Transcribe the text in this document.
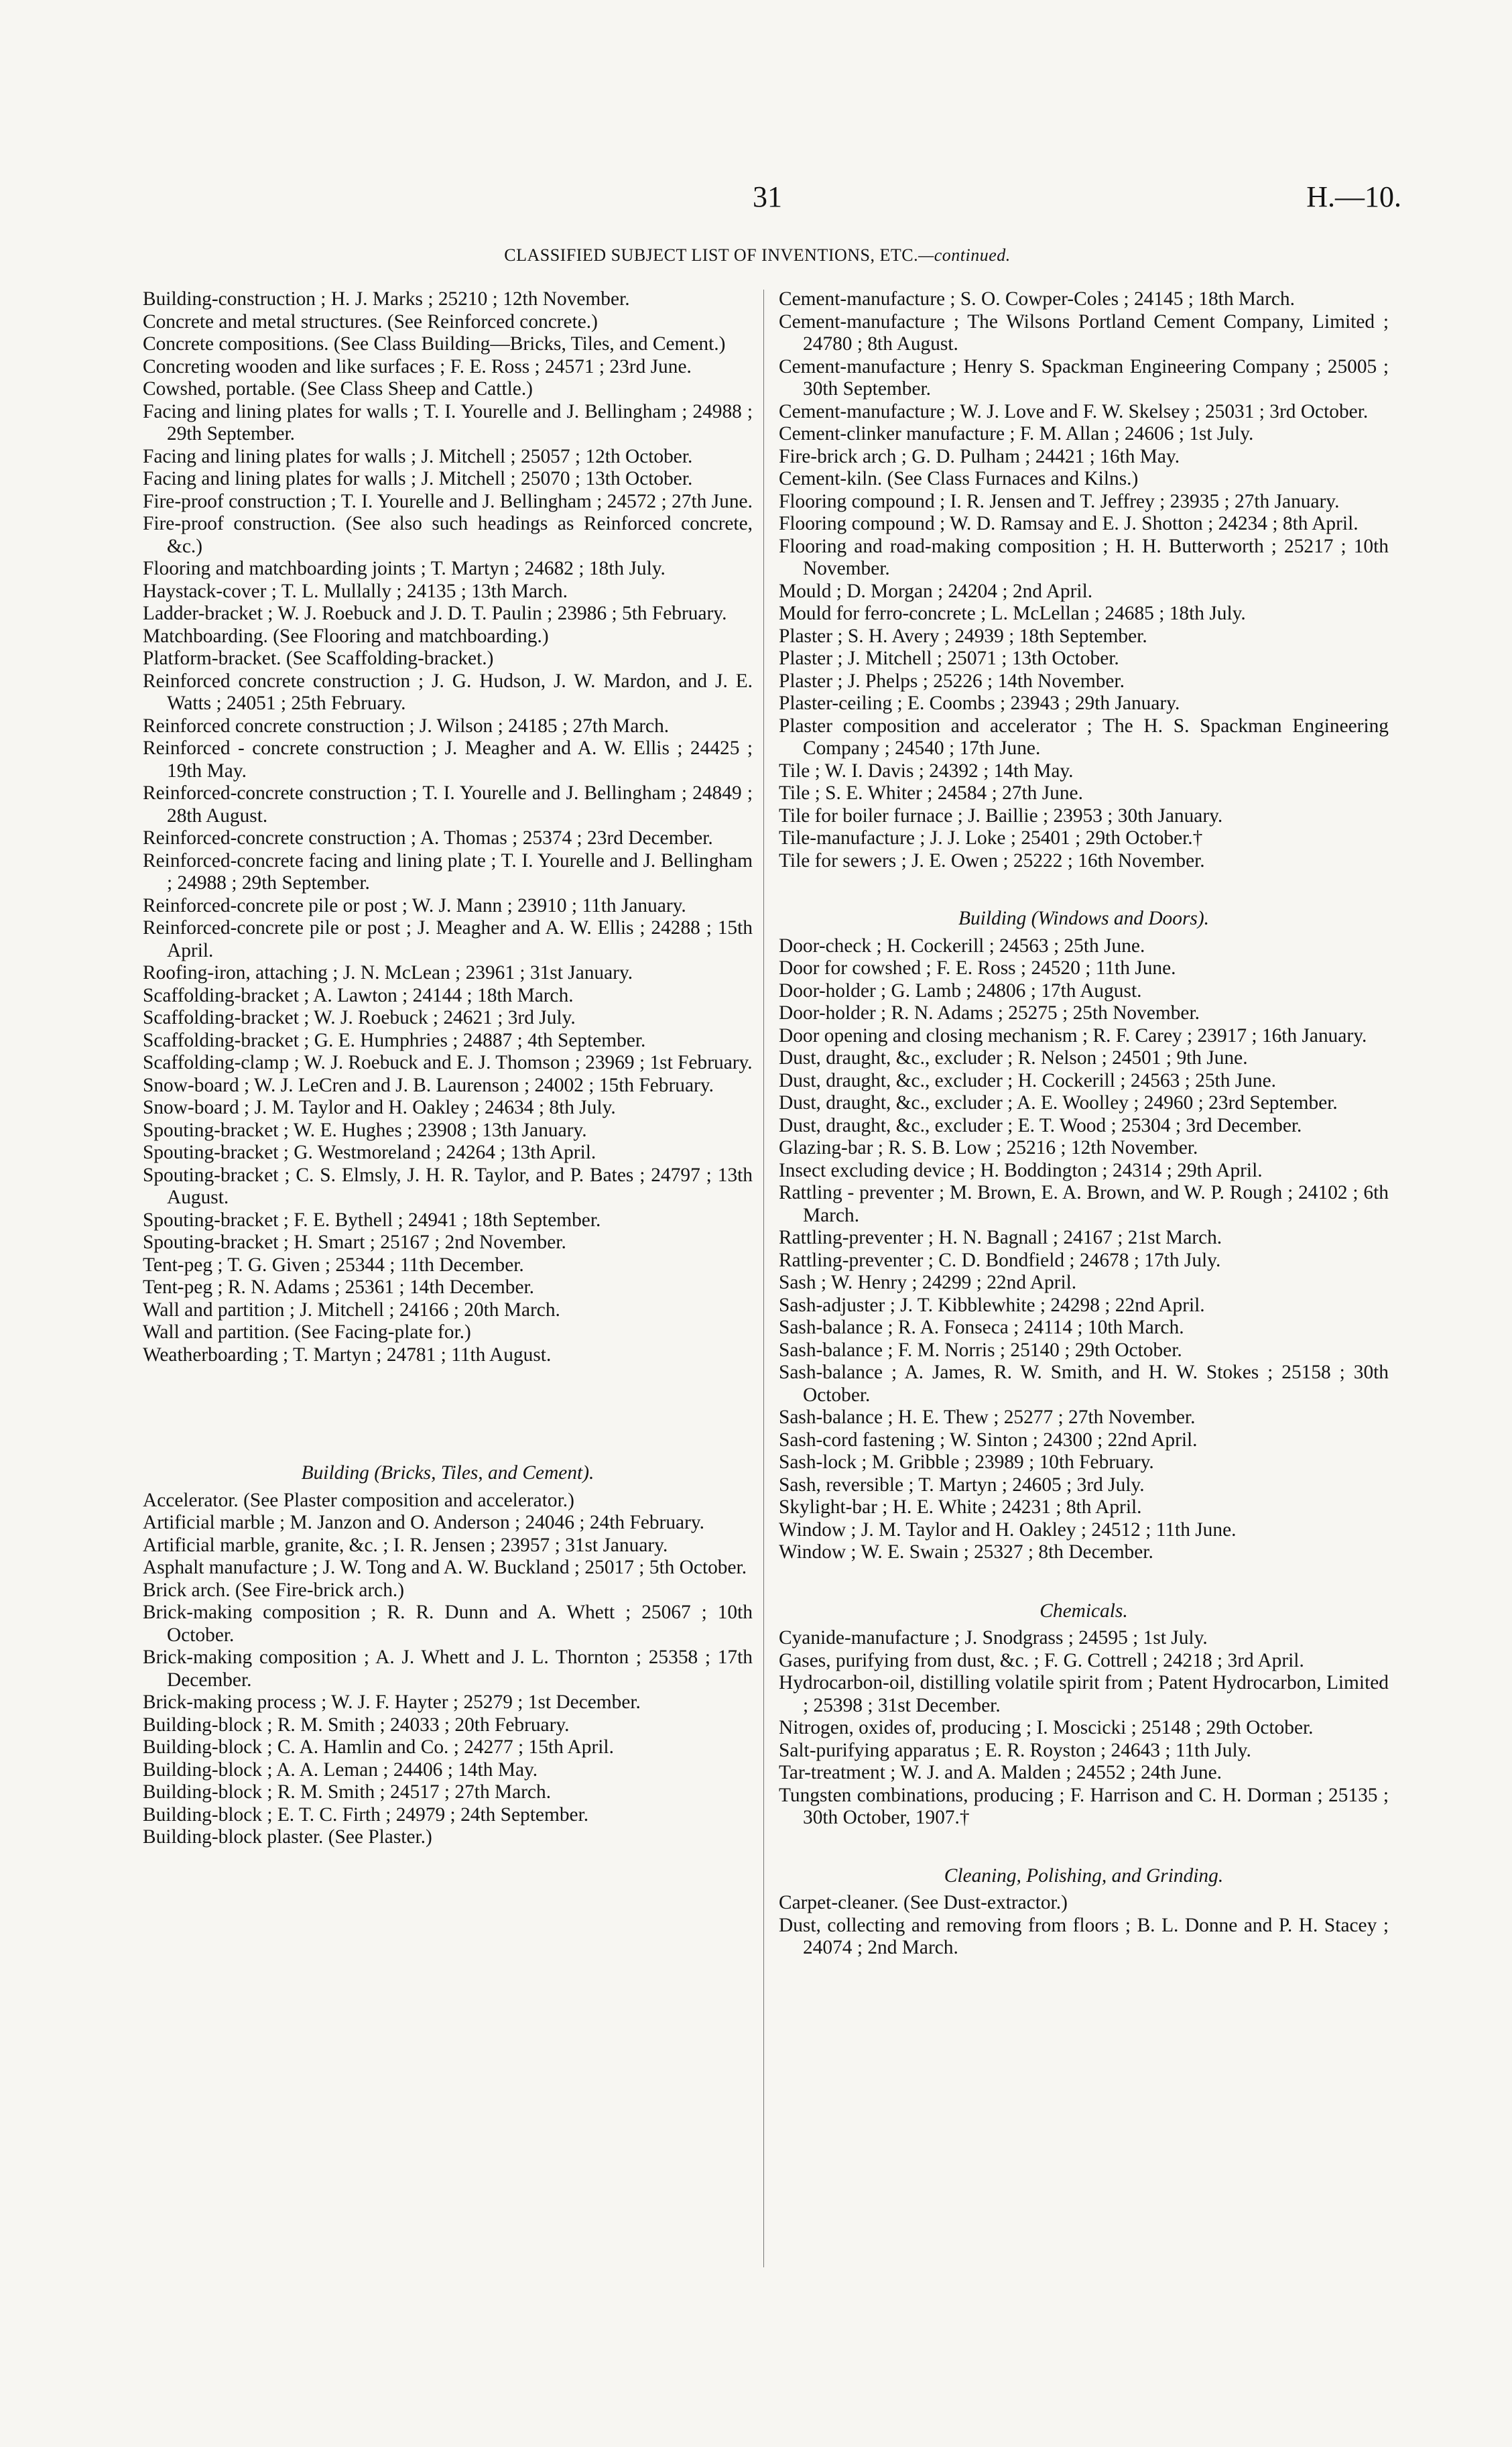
31	H.—10.
CLASSIFIED SUBJECT LIST OF INVENTIONS, ETC.—continued.

Building-construction ; H. J. Marks ; 25210 ; 12th November.

Concrete and metal structures. (See Reinforced concrete.)

Concrete compositions. (See Class Building—Bricks, Tiles, and Cement.)

Concreting wooden and like surfaces ; F. E. Ross ; 24571 ; 23rd June.

Cowshed, portable. (See Class Sheep and Cattle.)

Facing and lining plates for walls ; T. I. Yourelle and J. Bellingham ; 24988 ; 29th September.

Facing and lining plates for walls ; J. Mitchell ; 25057 ; 12th October.

Facing and lining plates for walls ; J. Mitchell ; 25070 ; 13th October.

Fire-proof construction ; T. I. Yourelle and J. Bellingham ; 24572 ; 27th June.

Fire-proof construction. (See also such headings as Reinforced concrete, &c.)

Flooring and matchboarding joints ; T. Martyn ; 24682 ; 18th July.

Haystack-cover ; T. L. Mullally ; 24135 ; 13th March.

Ladder-bracket ; W. J. Roebuck and J. D. T. Paulin ; 23986 ; 5th February.

Matchboarding. (See Flooring and matchboarding.)

Platform-bracket. (See Scaffolding-bracket.)

Reinforced concrete construction ; J. G. Hudson, J. W. Mardon, and J. E. Watts ; 24051 ; 25th February.

Reinforced concrete construction ; J. Wilson ; 24185 ; 27th March.

Reinforced - concrete construction ; J. Meagher and A. W. Ellis ; 24425 ; 19th May.

Reinforced-concrete construction ; T. I. Yourelle and J. Bellingham ; 24849 ; 28th August.

Reinforced-concrete construction ; A. Thomas ; 25374 ; 23rd December.

Reinforced-concrete facing and lining plate ; T. I. Yourelle and J. Bellingham ; 24988 ; 29th September.

Reinforced-concrete pile or post ; W. J. Mann ; 23910 ; 11th January.

Reinforced-concrete pile or post ; J. Meagher and A. W. Ellis ; 24288 ; 15th April.

Roofing-iron, attaching ; J. N. McLean ; 23961 ; 31st January.

Scaffolding-bracket ; A. Lawton ; 24144 ; 18th March.

Scaffolding-bracket ; W. J. Roebuck ; 24621 ; 3rd July.

Scaffolding-bracket ; G. E. Humphries ; 24887 ; 4th September.

Scaffolding-clamp ; W. J. Roebuck and E. J. Thomson ; 23969 ; 1st February.

Snow-board ; W. J. LeCren and J. B. Laurenson ; 24002 ; 15th February.

Snow-board ; J. M. Taylor and H. Oakley ; 24634 ; 8th July.

Spouting-bracket ; W. E. Hughes ; 23908 ; 13th January.

Spouting-bracket ; G. Westmoreland ; 24264 ; 13th April.

Spouting-bracket ; C. S. Elmsly, J. H. R. Taylor, and P. Bates ; 24797 ; 13th August.

Spouting-bracket ; F. E. Bythell ; 24941 ; 18th September.

Spouting-bracket ; H. Smart ; 25167 ; 2nd November.

Tent-peg ; T. G. Given ; 25344 ; 11th December.

Tent-peg ; R. N. Adams ; 25361 ; 14th December.

Wall and partition ; J. Mitchell ; 24166 ; 20th March.

Wall and partition. (See Facing-plate for.)

Weatherboarding ; T. Martyn ; 24781 ; 11th August.

Building (Bricks, Tiles, and Cement).

Accelerator. (See Plaster composition and accelerator.)

Artificial marble ; M. Janzon and O. Anderson ; 24046 ; 24th February.

Artificial marble, granite, &c. ; I. R. Jensen ; 23957 ; 31st January.

Asphalt manufacture ; J. W. Tong and A. W. Buckland ; 25017 ; 5th October.

Brick arch. (See Fire-brick arch.)

Brick-making composition ; R. R. Dunn and A. Whett ; 25067 ; 10th October.

Brick-making composition ; A. J. Whett and J. L. Thornton ; 25358 ; 17th December.

Brick-making process ; W. J. F. Hayter ; 25279 ; 1st December.

Building-block ; R. M. Smith ; 24033 ; 20th February.

Building-block ; C. A. Hamlin and Co. ; 24277 ; 15th April.

Building-block ; A. A. Leman ; 24406 ; 14th May.

Building-block ; R. M. Smith ; 24517 ; 27th March.

Building-block ; E. T. C. Firth ; 24979 ; 24th September.

Building-block plaster. (See Plaster.)

Cement-manufacture ; S. O. Cowper-Coles ; 24145 ; 18th March.

Cement-manufacture ; The Wilsons Portland Cement Company, Limited ; 24780 ; 8th August.

Cement-manufacture ; Henry S. Spackman Engineering Company ; 25005 ; 30th September.

Cement-manufacture ; W. J. Love and F. W. Skelsey ; 25031 ; 3rd October.

Cement-clinker manufacture ; F. M. Allan ; 24606 ; 1st July.

Fire-brick arch ; G. D. Pulham ; 24421 ; 16th May.

Cement-kiln. (See Class Furnaces and Kilns.)

Flooring compound ; I. R. Jensen and T. Jeffrey ; 23935 ; 27th January.

Flooring compound ; W. D. Ramsay and E. J. Shotton ; 24234 ; 8th April.

Flooring and road-making composition ; H. H. Butterworth ; 25217 ; 10th November.

Mould ; D. Morgan ; 24204 ; 2nd April.

Mould for ferro-concrete ; L. McLellan ; 24685 ; 18th July.

Plaster ; S. H. Avery ; 24939 ; 18th September.

Plaster ; J. Mitchell ; 25071 ; 13th October.

Plaster ; J. Phelps ; 25226 ; 14th November.

Plaster-ceiling ; E. Coombs ; 23943 ; 29th January.

Plaster composition and accelerator ; The H. S. Spackman Engineering Company ; 24540 ; 17th June.

Tile ; W. I. Davis ; 24392 ; 14th May.

Tile ; S. E. Whiter ; 24584 ; 27th June.

Tile for boiler furnace ; J. Baillie ; 23953 ; 30th January.

Tile-manufacture ; J. J. Loke ; 25401 ; 29th October.†

Tile for sewers ; J. E. Owen ; 25222 ; 16th November.

Building (Windows and Doors).

Door-check ; H. Cockerill ; 24563 ; 25th June.

Door for cowshed ; F. E. Ross ; 24520 ; 11th June.

Door-holder ; G. Lamb ; 24806 ; 17th August.

Door-holder ; R. N. Adams ; 25275 ; 25th November.

Door opening and closing mechanism ; R. F. Carey ; 23917 ; 16th January.

Dust, draught, &c., excluder ; R. Nelson ; 24501 ; 9th June.

Dust, draught, &c., excluder ; H. Cockerill ; 24563 ; 25th June.

Dust, draught, &c., excluder ; A. E. Woolley ; 24960 ; 23rd September.

Dust, draught, &c., excluder ; E. T. Wood ; 25304 ; 3rd December.

Glazing-bar ; R. S. B. Low ; 25216 ; 12th November.

Insect excluding device ; H. Boddington ; 24314 ; 29th April.

Rattling - preventer ; M. Brown, E. A. Brown, and W. P. Rough ; 24102 ; 6th March.

Rattling-preventer ; H. N. Bagnall ; 24167 ; 21st March.

Rattling-preventer ; C. D. Bondfield ; 24678 ; 17th July.

Sash ; W. Henry ; 24299 ; 22nd April.

Sash-adjuster ; J. T. Kibblewhite ; 24298 ; 22nd April.

Sash-balance ; R. A. Fonseca ; 24114 ; 10th March.

Sash-balance ; F. M. Norris ; 25140 ; 29th October.

Sash-balance ; A. James, R. W. Smith, and H. W. Stokes ; 25158 ; 30th October.

Sash-balance ; H. E. Thew ; 25277 ; 27th November.

Sash-cord fastening ; W. Sinton ; 24300 ; 22nd April.

Sash-lock ; M. Gribble ; 23989 ; 10th February.

Sash, reversible ; T. Martyn ; 24605 ; 3rd July.

Skylight-bar ; H. E. White ; 24231 ; 8th April.

Window ; J. M. Taylor and H. Oakley ; 24512 ; 11th June.

Window ; W. E. Swain ; 25327 ; 8th December.

Chemicals.

Cyanide-manufacture ; J. Snodgrass ; 24595 ; 1st July.

Gases, purifying from dust, &c. ; F. G. Cottrell ; 24218 ; 3rd April.

Hydrocarbon-oil, distilling volatile spirit from ; Patent Hydrocarbon, Limited ; 25398 ; 31st December.

Nitrogen, oxides of, producing ; I. Moscicki ; 25148 ; 29th October.

Salt-purifying apparatus ; E. R. Royston ; 24643 ; 11th July.

Tar-treatment ; W. J. and A. Malden ; 24552 ; 24th June.

Tungsten combinations, producing ; F. Harrison and C. H. Dorman ; 25135 ; 30th October, 1907.†

Cleaning, Polishing, and Grinding.

Carpet-cleaner. (See Dust-extractor.)

Dust, collecting and removing from floors ; B. L. Donne and P. H. Stacey ; 24074 ; 2nd March.
